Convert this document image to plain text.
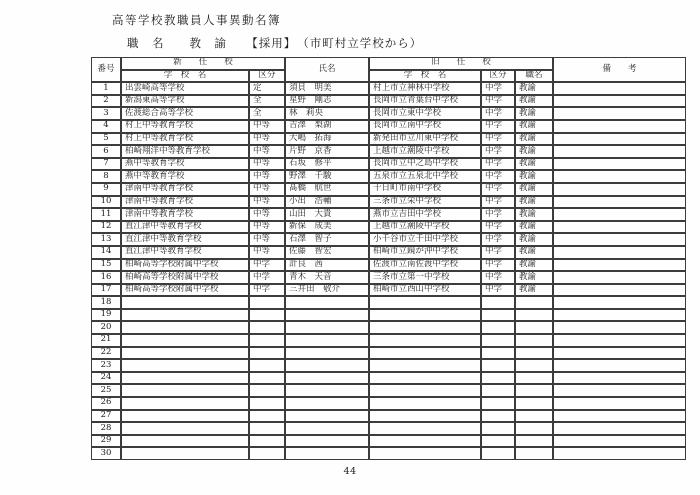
高等学校教職員人事異動名簿
職　名　　教　諭　　【採用】　（市町村立学校から）
番号	新　　任　　校		氏名	旧　　任　　校			備　　考
	学　校　名	区分		学　校　名	区分	職名	
1	出雲崎高等学校	定	須貝　明美	村上市立神林中学校	中学	教諭	
2	新潟東高等学校	全	星野　剛志	長岡市立青葉台中学校	中学	教諭	
3	佐渡総合高等学校	全	林　莉央	長岡市立東中学校	中学	教諭	
4	村上中等教育学校	中等	吉澤　梨湖	長岡市立南中学校	中学	教諭	
5	村上中等教育学校	中等	大嶋　拓海	新発田市立川東中学校	中学	教諭	
6	柏崎翔洋中等教育学校	中等	片野　京香	上越市立潮陵中学校	中学	教諭	
7	燕中等教育学校	中等	石坂　修平	長岡市立中之島中学校	中学	教諭	
8	燕中等教育学校	中等	野澤　千駿	五泉市立五泉北中学校	中学	教諭	
9	津南中等教育学校	中等	髙橋　航世	十日町市南中学校	中学	教諭	
10	津南中等教育学校	中等	小出　浩輔	三条市立栄中学校	中学	教諭	
11	津南中等教育学校	中等	山田　大貴	燕市立吉田中学校	中学	教諭	
12	直江津中等教育学校	中等	新保　成美	上越市立潮陵中学校	中学	教諭	
13	直江津中等教育学校	中等	石澤　智子	小千谷市立千田中学校	中学	教諭	
14	直江津中等教育学校	中等	佐藤　智宏	柏崎市立鏡が沖中学校	中学	教諭	
15	柏崎高等学校附属中学校	中学	計良　茜	佐渡市立南佐渡中学校	中学	教諭	
16	柏崎高等学校附属中学校	中学	青木　天音	三条市立第一中学校	中学	教諭	
17	柏崎高等学校附属中学校	中学	三井田　敬介	柏崎市立西山中学校	中学	教諭	
18							
19							
20							
21							
22							
23							
24							
25							
26							
27							
28							
29							
30							
44
